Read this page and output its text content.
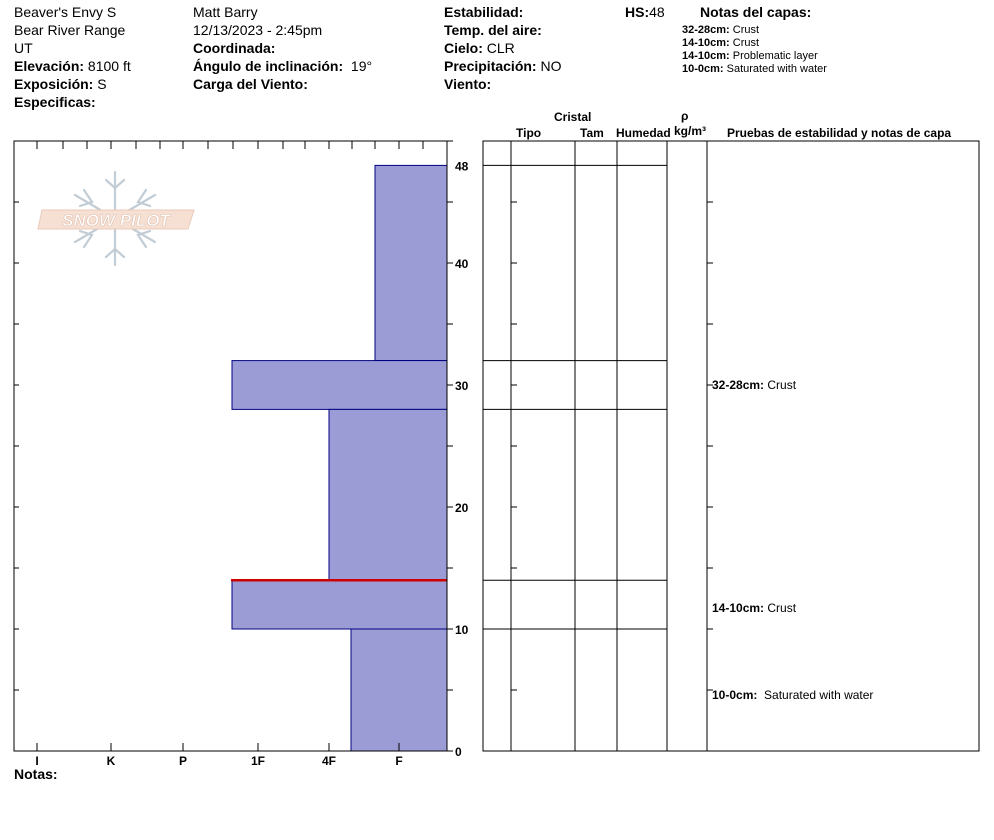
Beaver's Envy S
Bear River Range
UT
Elevación: 8100 ft
Exposición: S
Especificas:
Matt Barry
12/13/2023 - 2:45pm
Coordinada:
Ángulo de inclinación: 19°
Carga del Viento:
Estabilidad:
Temp. del aire:
Cielo: CLR
Precipitación: NO
Viento:
HS:48	Notas del capas:
32-28cm: Crust
14-10cm: Crust
14-10cm: Problematic layer
10-0cm: Saturated with water
Cristal
Tipo	Tam Humedad
ρ
kg/m³ Pruebas de estabilidad y notas de capa
32-28cm: Crust
14-10cm: Crust
10-0cm: Saturated with water
Notas:
SNOW PILOT
0
10
20
30
40
48
I	K	P	1F	4F	F
